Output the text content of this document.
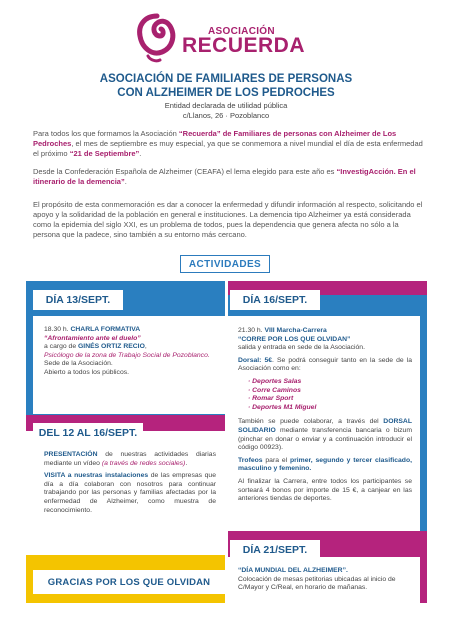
ASOCIACIÓN
RECUERDA
ASOCIACIÓN DE FAMILIARES DE PERSONAS
CON ALZHEIMER DE LOS PEDROCHES
Entidad declarada de utilidad pública
c/Llanos, 26 · Pozoblanco
Para todos los que formamos la Asociación “Recuerda” de Familiares de personas con Alzheimer de Los Pedroches, el mes de septiembre es muy especial, ya que se conmemora a nivel mundial el día de esta enfermedad el próximo “21 de Septiembre”.
Desde la Confederación Española de Alzheimer (CEAFA) el lema elegido para este año es “InvestigAcción. En el itinerario de la demencia”.
El propósito de esta conmemoración es dar a conocer la enfermedad y difundir información al respecto, solicitando el apoyo y la solidaridad de la población en general e instituciones. La demencia tipo Alzheimer ya está considerada como la epidemia del siglo XXI, es un problema de todos, pues la dependencia que genera afecta no sólo a la persona que la padece, sino también a su entorno más cercano.
ACTIVIDADES
DÍA 13/SEPT.
18.30 h. CHARLA FORMATIVA
“Afrontamiento ante el duelo”
a cargo de GINÉS ORTIZ RECIO,
Psicólogo de la zona de Trabajo Social de Pozoblanco.
Sede de la Asociación.
Abierto a todos los públicos.
DEL 12 AL 16/SEPT.

PRESENTACIÓN de nuestras actividades diarias mediante un vídeo (a través de redes sociales).

VISITA a nuestras instalaciones de las empresas que día a día colaboran con nosotros para continuar trabajando por las personas y familias afectadas por la enfermedad de Alzheimer, como muestra de reconocimiento.

DÍA 16/SEPT.

21.30 h. VIII Marcha-Carrera
“CORRE POR LOS QUE OLVIDAN”
salida y entrada en sede de la Asociación.

Dorsal: 5€. Se podrá conseguir tanto en la sede de la Asociación como en:

· Deportes Salas
· Corre Caminos
· Romar Sport
· Deportes M1 Miguel

También se puede colaborar, a través del DORSAL SOLIDARIO mediante transferencia bancaria o bizum (pinchar en donar o enviar y a continuación introducir el código 00923).

Trofeos para el primer, segundo y tercer clasificado, masculino y femenino.

Al finalizar la Carrera, entre todos los participantes se sorteará 4 bonos por importe de 15 €, a canjear en las anteriores tiendas de deportes.

DÍA 21/SEPT.
“DÍA MUNDIAL DEL ALZHEIMER”.
Colocación de mesas petitorias ubicadas al inicio de C/Mayor y C/Real, en horario de mañanas.
GRACIAS POR LOS QUE OLVIDAN
